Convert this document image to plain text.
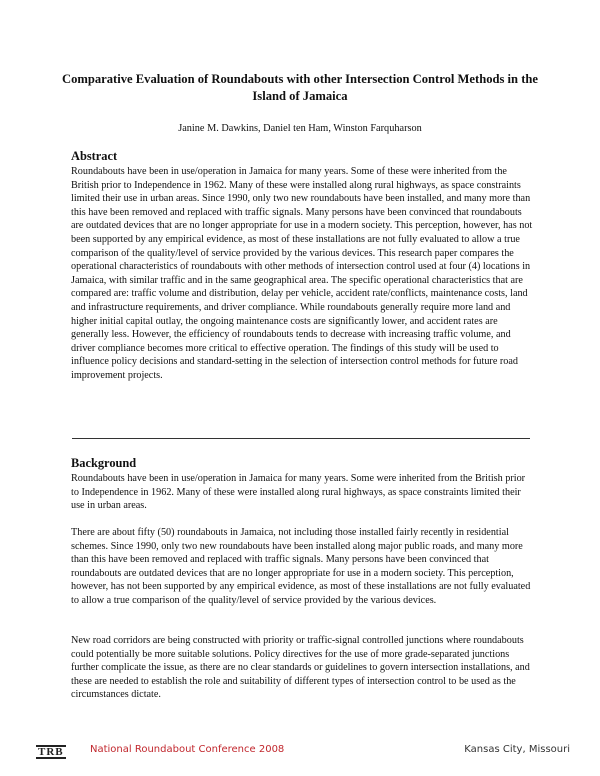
Comparative Evaluation of Roundabouts with other Intersection Control Methods in the Island of Jamaica
Janine M. Dawkins, Daniel ten Ham, Winston Farquharson
Abstract
Roundabouts have been in use/operation in Jamaica for many years. Some of these were inherited from the British prior to Independence in 1962. Many of these were installed along rural highways, as space constraints limited their use in urban areas. Since 1990, only two new roundabouts have been installed, and many more than this have been removed and replaced with traffic signals. Many persons have been convinced that roundabouts are outdated devices that are no longer appropriate for use in a modern society. This perception, however, has not been supported by any empirical evidence, as most of these installations are not fully evaluated to allow a true comparison of the quality/level of service provided by the various devices. This research paper compares the operational characteristics of roundabouts with other methods of intersection control used at four (4) locations in Jamaica, with similar traffic and in the same geographical area. The specific operational characteristics that are compared are: traffic volume and distribution, delay per vehicle, accident rate/conflicts, maintenance costs, land and infrastructure requirements, and driver compliance. While roundabouts generally require more land and higher initial capital outlay, the ongoing maintenance costs are significantly lower, and accident rates are generally less. However, the efficiency of roundabouts tends to decrease with increasing traffic volume, and driver compliance becomes more critical to effective operation. The findings of this study will be used to influence policy decisions and standard-setting in the selection of intersection control methods for future road improvement projects.
Background
Roundabouts have been in use/operation in Jamaica for many years. Some were inherited from the British prior to Independence in 1962. Many of these were installed along rural highways, as space constraints limited their use in urban areas.
There are about fifty (50) roundabouts in Jamaica, not including those installed fairly recently in residential schemes. Since 1990, only two new roundabouts have been installed along major public roads, and many more than this have been removed and replaced with traffic signals. Many persons have been convinced that roundabouts are outdated devices that are no longer appropriate for use in a modern society. This perception, however, has not been supported by any empirical evidence, as most of these installations are not fully evaluated to allow a true comparison of the quality/level of service provided by the various devices.
New road corridors are being constructed with priority or traffic-signal controlled junctions where roundabouts could potentially be more suitable solutions. Policy directives for the use of more grade-separated junctions further complicate the issue, as there are no clear standards or guidelines to govern intersection installations, and these are needed to establish the role and suitability of different types of intersection control to be used as the circumstances dictate.
TRB	National Roundabout Conference 2008	Kansas City, Missouri
